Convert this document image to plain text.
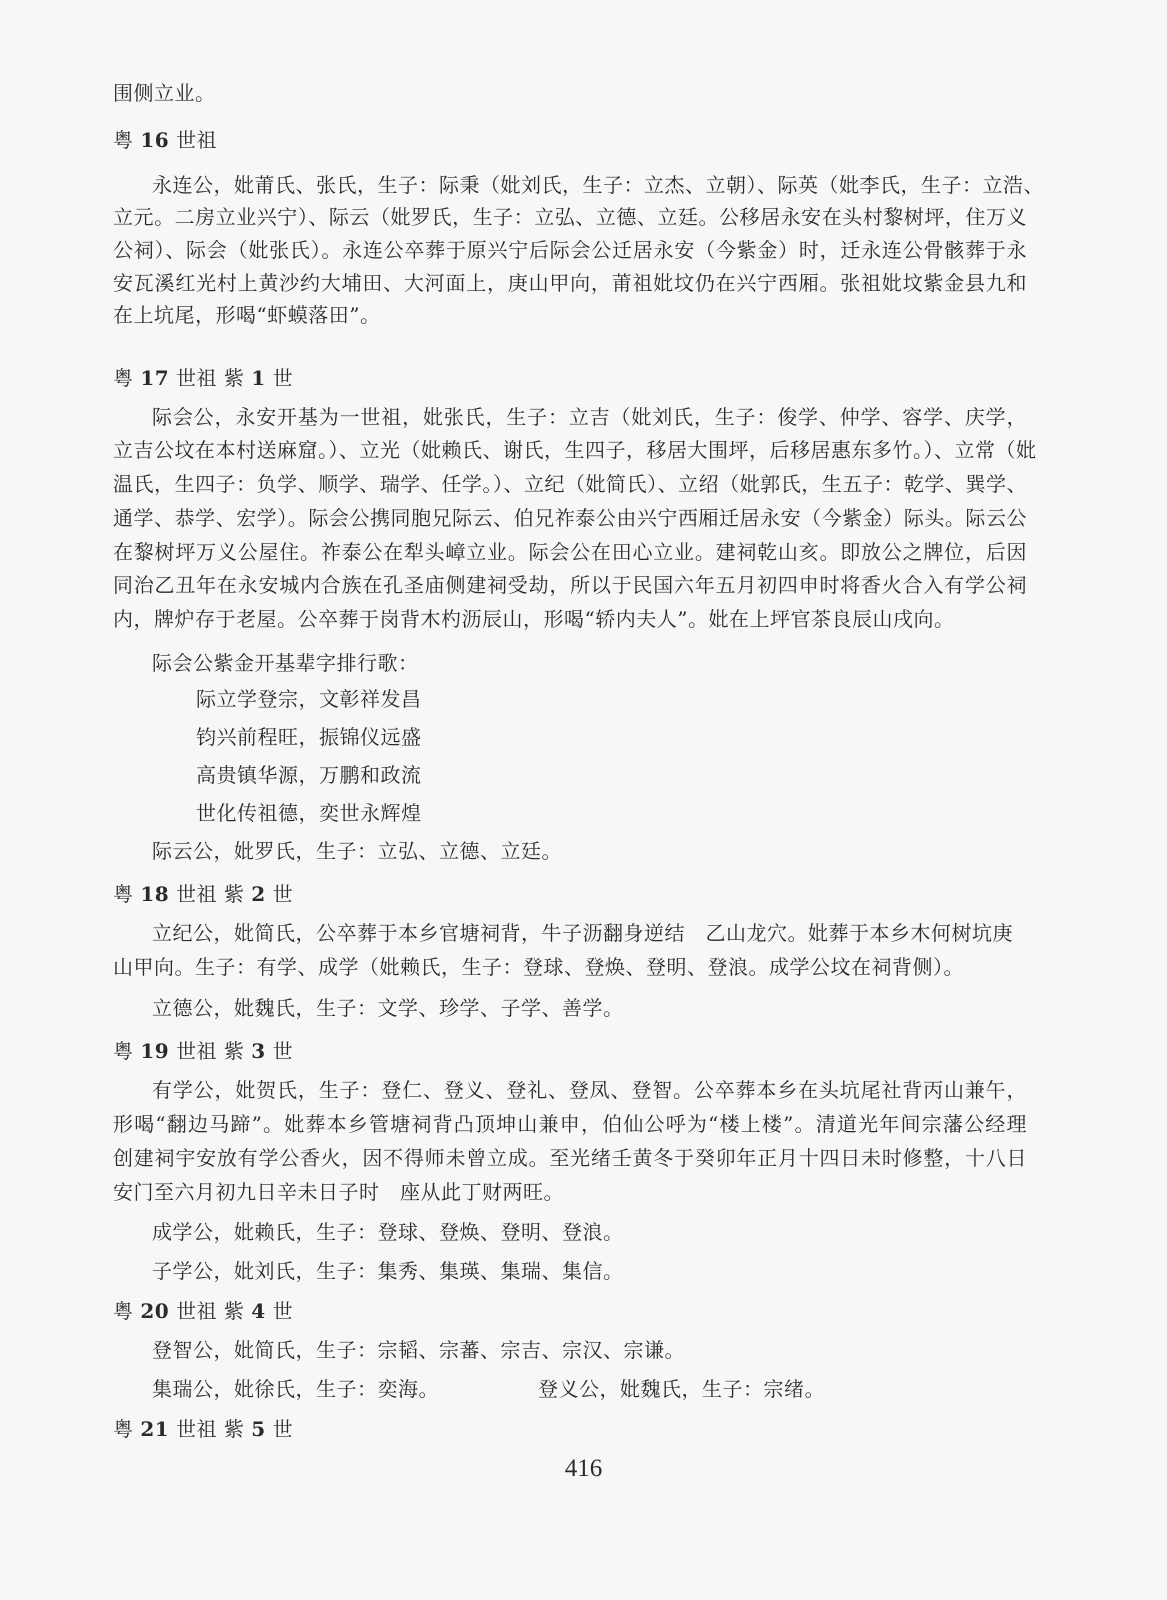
围侧立业。
粤 16 世祖
永连公，妣莆氏、张氏，生子：际秉（妣刘氏，生子：立杰、立朝）、际英（妣李氏，生子：立浩、
立元。二房立业兴宁）、际云（妣罗氏，生子：立弘、立德、立廷。公移居永安在头村黎树坪，住万义
公祠）、际会（妣张氏）。永连公卒葬于原兴宁后际会公迁居永安（今紫金）时，迁永连公骨骸葬于永
安瓦溪红光村上黄沙约大埔田、大河面上，庚山甲向，莆祖妣坟仍在兴宁西厢。张祖妣坟紫金县九和
在上坑尾，形喝“虾蟆落田”。
粤 17 世祖 紫 1 世
际会公，永安开基为一世祖，妣张氏，生子：立吉（妣刘氏，生子：俊学、仲学、容学、庆学，
立吉公坟在本村送麻窟。）、立光（妣赖氏、谢氏，生四子，移居大围坪，后移居惠东多竹。）、立常（妣
温氏，生四子：负学、顺学、瑞学、任学。）、立纪（妣简氏）、立绍（妣郭氏，生五子：乾学、巽学、
通学、恭学、宏学）。际会公携同胞兄际云、伯兄祚泰公由兴宁西厢迁居永安（今紫金）际头。际云公
在黎树坪万义公屋住。祚泰公在犁头嶂立业。际会公在田心立业。建祠乾山亥。即放公之牌位，后因
同治乙丑年在永安城内合族在孔圣庙侧建祠受劫，所以于民国六年五月初四申时将香火合入有学公祠
内，牌炉存于老屋。公卒葬于岗背木杓沥辰山，形喝“轿内夫人”。妣在上坪官茶良辰山戌向。
际会公紫金开基辈字排行歌：
际立学登宗，文彰祥发昌
钧兴前程旺，振锦仪远盛
高贵镇华源，万鹏和政流
世化传祖德，奕世永辉煌
际云公，妣罗氏，生子：立弘、立德、立廷。
粤 18 世祖 紫 2 世
立纪公，妣简氏，公卒葬于本乡官塘祠背，牛子沥翻身逆结　乙山龙穴。妣葬于本乡木何树坑庚
山甲向。生子：有学、成学（妣赖氏，生子：登球、登焕、登明、登浪。成学公坟在祠背侧）。
立德公，妣魏氏，生子：文学、珍学、子学、善学。
粤 19 世祖 紫 3 世
有学公，妣贺氏，生子：登仁、登义、登礼、登凤、登智。公卒葬本乡在头坑尾社背丙山兼午，
形喝“翻边马蹄”。妣葬本乡管塘祠背凸顶坤山兼申，伯仙公呼为“楼上楼”。清道光年间宗藩公经理
创建祠宇安放有学公香火，因不得师未曾立成。至光绪壬黄冬于癸卯年正月十四日未时修整，十八日
安门至六月初九日辛未日子时　座从此丁财两旺。
成学公，妣赖氏，生子：登球、登焕、登明、登浪。
子学公，妣刘氏，生子：集秀、集瑛、集瑞、集信。
粤 20 世祖 紫 4 世
登智公，妣简氏，生子：宗韬、宗蕃、宗吉、宗汉、宗谦。
集瑞公，妣徐氏，生子：奕海。	登义公，妣魏氏，生子：宗绪。
粤 21 世祖 紫 5 世
416
